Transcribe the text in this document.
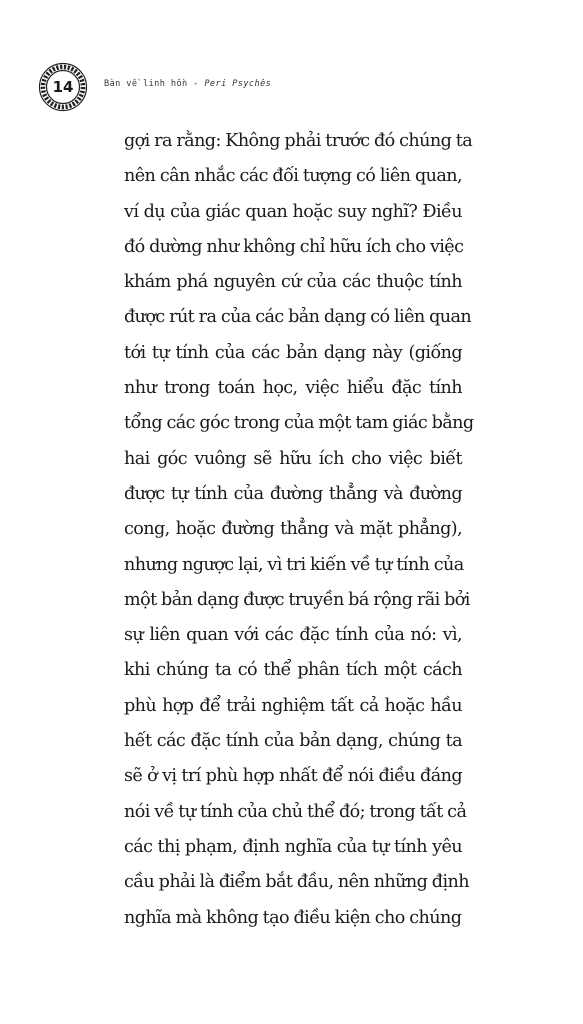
14	Bàn về linh hồn - Peri Psychês
gợi ra rằng: Không phải trước đó chúng ta
nên cân nhắc các đối tượng có liên quan,
ví dụ của giác quan hoặc suy nghĩ? Điều
đó dường như không chỉ hữu ích cho việc
khám phá nguyên cứ của các thuộc tính
được rút ra của các bản dạng có liên quan
tới tự tính của các bản dạng này (giống
như trong toán học, việc hiểu đặc tính
tổng các góc trong của một tam giác bằng
hai góc vuông sẽ hữu ích cho việc biết
được tự tính của đường thẳng và đường
cong, hoặc đường thẳng và mặt phẳng),
nhưng ngược lại, vì tri kiến về tự tính của
một bản dạng được truyền bá rộng rãi bởi
sự liên quan với các đặc tính của nó: vì,
khi chúng ta có thể phân tích một cách
phù hợp để trải nghiệm tất cả hoặc hầu
hết các đặc tính của bản dạng, chúng ta
sẽ ở vị trí phù hợp nhất để nói điều đáng
nói về tự tính của chủ thể đó; trong tất cả
các thị phạm, định nghĩa của tự tính yêu
cầu phải là điểm bắt đầu, nên những định
nghĩa mà không tạo điều kiện cho chúng
